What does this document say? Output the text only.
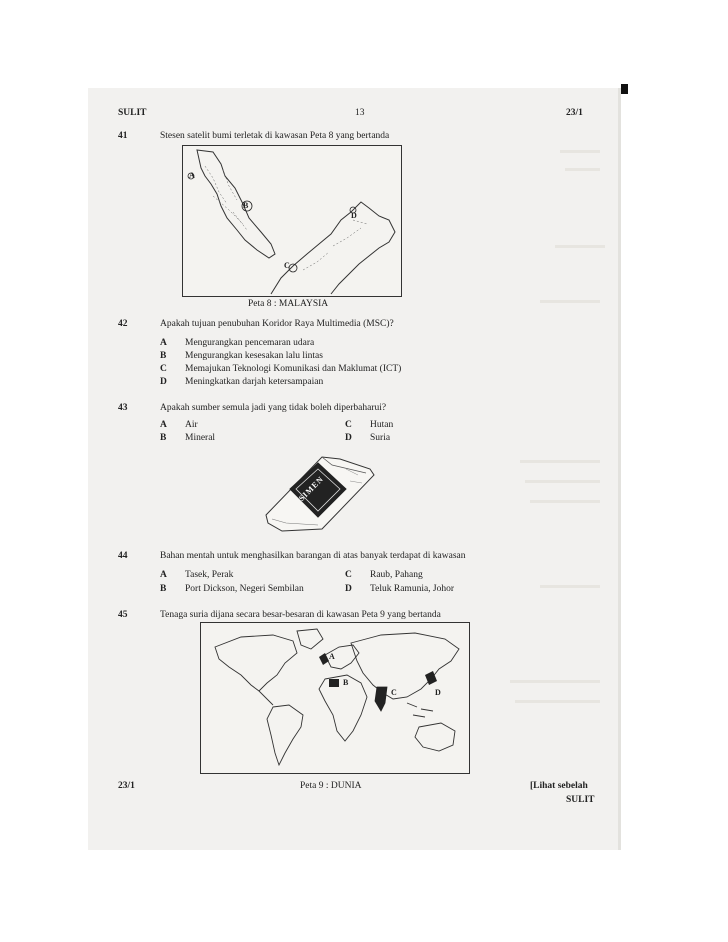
SULIT	13	23/1
41	Stesen satelit bumi terletak di kawasan Peta 8 yang bertanda
A
B
C
D
Peta 8 : MALAYSIA
42	Apakah tujuan penubuhan Koridor Raya Multimedia (MSC)?
A Mengurangkan pencemaran udara
B Mengurangkan kesesakan lalu lintas
C Memajukan Teknologi Komunikasi dan Maklumat (ICT)
D Meningkatkan darjah ketersampaian
43	Apakah sumber semula jadi yang tidak boleh diperbaharui?
A Air	C Hutan
B Mineral	D Suria
SIMEN
44	Bahan mentah untuk menghasilkan barangan di atas banyak terdapat di kawasan
A Tasek, Perak	C Raub, Pahang
B Port Dickson, Negeri Sembilan	D Teluk Ramunia, Johor
45	Tenaga suria dijana secara besar-besaran di kawasan Peta 9 yang bertanda
A
B
C	D
23/1	Peta 9 : DUNIA	[Lihat sebelah
SULIT
